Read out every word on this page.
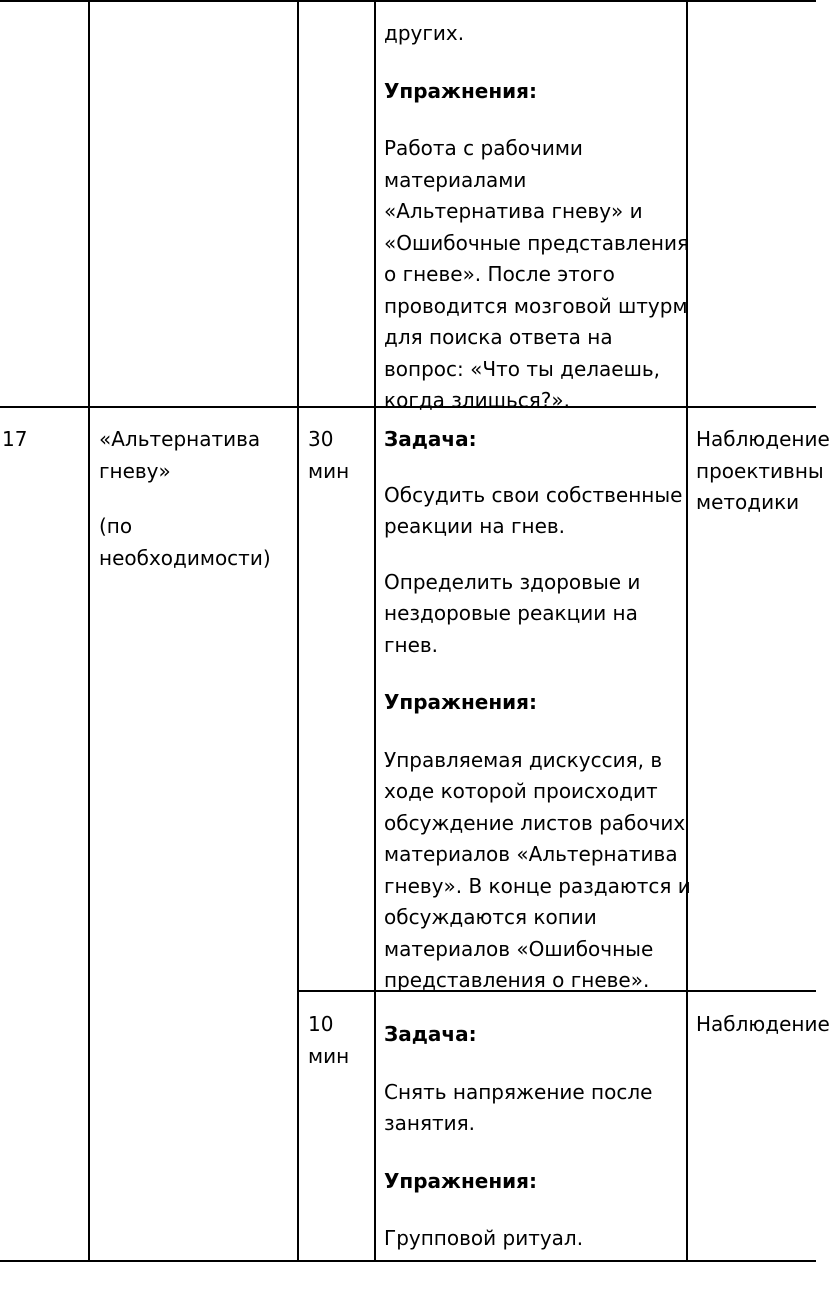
других.

Упражнения:

Работа с рабочими

материалами

«Альтернатива гневу» и

«Ошибочные представления

о гневе». После этого

проводится мозговой штурм

для поиска ответа на

вопрос: «Что ты делаешь,

когда злишься?».

17	«Альтернатива

гневу»

(по

необходимости)

30

мин

Задача:

Обсудить свои собственные

реакции на гнев.

Определить здоровые и

нездоровые реакции на

гнев.

Упражнения:

Управляемая дискуссия, в

ходе которой происходит

обсуждение листов рабочих

материалов «Альтернатива

гневу». В конце раздаются и

обсуждаются копии

материалов «Ошибочные

представления о гневе».

Наблюдение

проективны

методики

10

мин

Задача:

Снять напряжение после

занятия.

Упражнения:

Групповой ритуал.

Наблюдение
